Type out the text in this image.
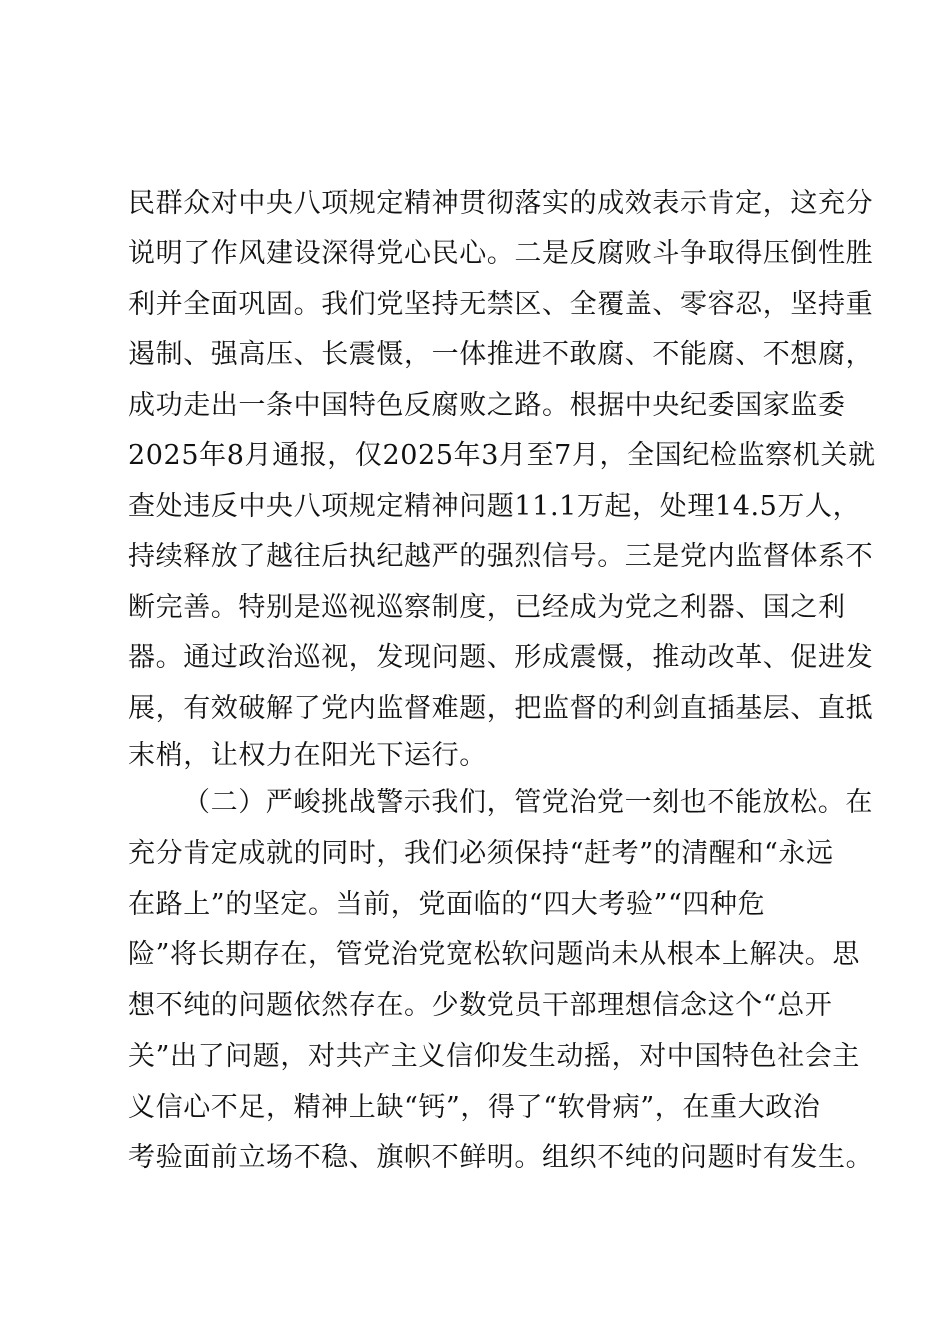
民群众对中央八项规定精神贯彻落实的成效表示肯定，这充分
说明了作风建设深得党心民心。二是反腐败斗争取得压倒性胜
利并全面巩固。我们党坚持无禁区、全覆盖、零容忍，坚持重
遏制、强高压、长震慑，一体推进不敢腐、不能腐、不想腐，
成功走出一条中国特色反腐败之路。根据中央纪委国家监委
2025年8月通报，仅2025年3月至7月，全国纪检监察机关就
查处违反中央八项规定精神问题11.1万起，处理14.5万人，
持续释放了越往后执纪越严的强烈信号。三是党内监督体系不
断完善。特别是巡视巡察制度，已经成为党之利器、国之利
器。通过政治巡视，发现问题、形成震慑，推动改革、促进发
展，有效破解了党内监督难题，把监督的利剑直插基层、直抵
末梢，让权力在阳光下运行。
（二）严峻挑战警示我们，管党治党一刻也不能放松。在
充分肯定成就的同时，我们必须保持“赶考”的清醒和“永远
在路上”的坚定。当前，党面临的“四大考验”“四种危
险”将长期存在，管党治党宽松软问题尚未从根本上解决。思
想不纯的问题依然存在。少数党员干部理想信念这个“总开
关”出了问题，对共产主义信仰发生动摇，对中国特色社会主
义信心不足，精神上缺“钙”，得了“软骨病”，在重大政治
考验面前立场不稳、旗帜不鲜明。组织不纯的问题时有发生。
